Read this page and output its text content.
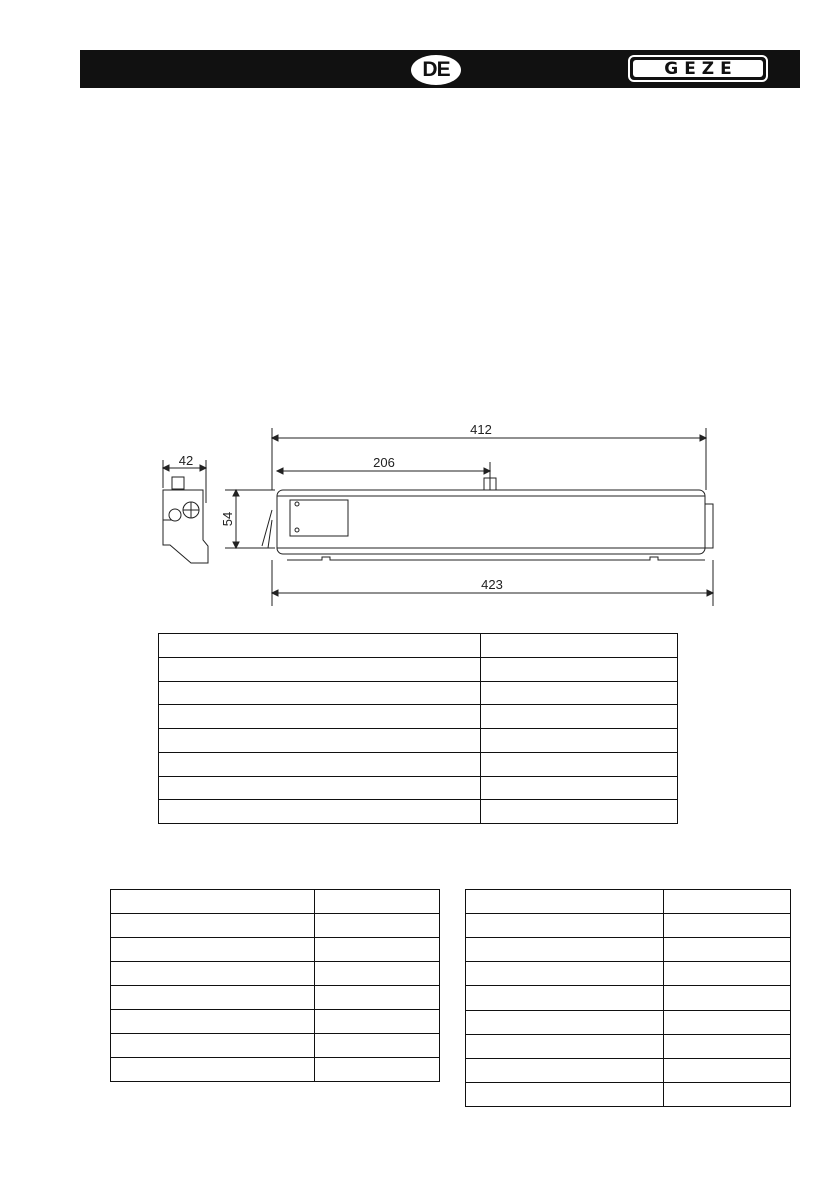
DE	GEZE
412
206
42
54
423
